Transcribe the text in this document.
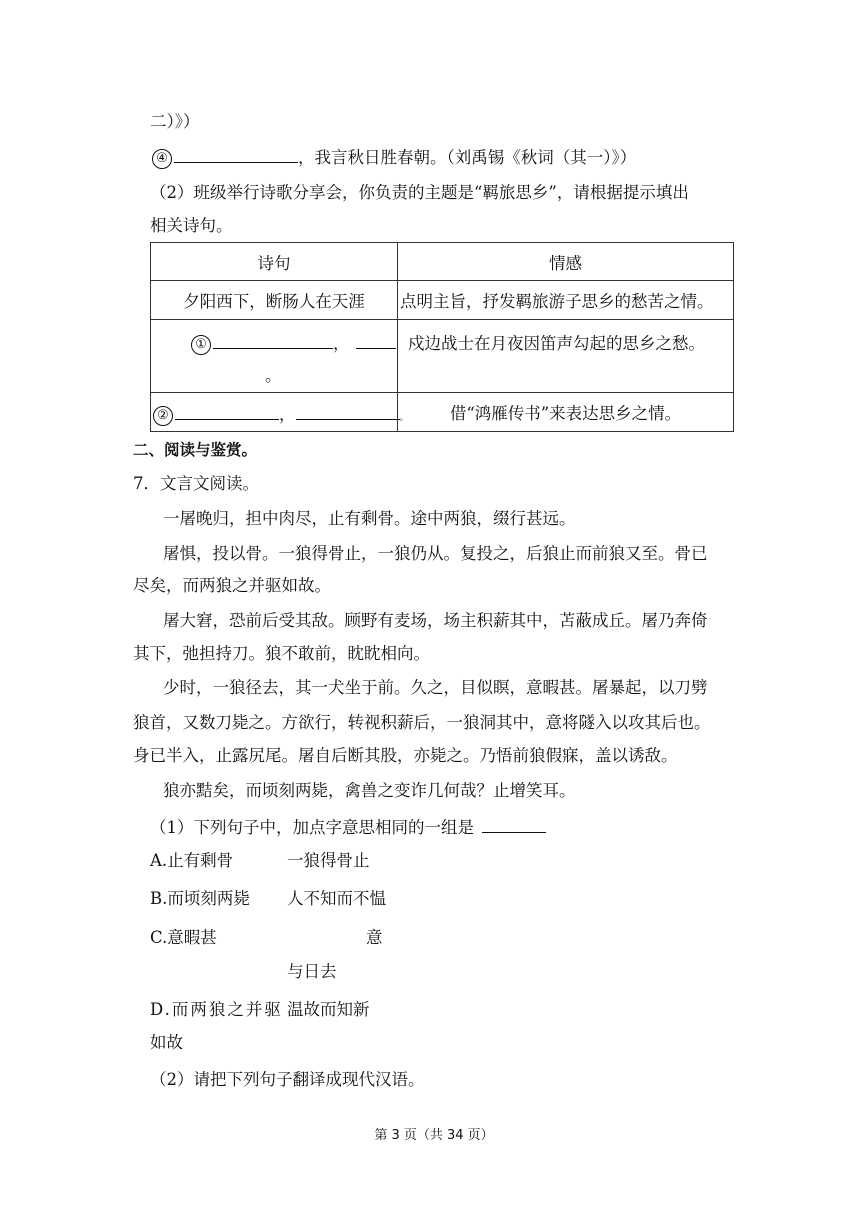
二）》）
④	，我言秋日胜春朝。（刘禹锡《秋词（其一）》）
（2）班级举行诗歌分享会，你负责的主题是“羁旅思乡”，请根据提示填出
相关诗句。
诗句	情感
夕阳西下，断肠人在天涯	点明主旨，抒发羁旅游子思乡的愁苦之情。

① ，
。	戍边战士在月夜因笛声勾起的思乡之愁。

② ， 。	借“鸿雁传书”来表达思乡之情。
二、阅读与鉴赏。
7．文言文阅读。
一屠晚归，担中肉尽，止有剩骨。途中两狼，缀行甚远。
屠惧，投以骨。一狼得骨止，一狼仍从。复投之，后狼止而前狼又至。骨已
尽矣，而两狼之并驱如故。
屠大窘，恐前后受其敌。顾野有麦场，场主积薪其中，苫蔽成丘。屠乃奔倚
其下，弛担持刀。狼不敢前，眈眈相向。
少时，一狼径去，其一犬坐于前。久之，目似瞑，意暇甚。屠暴起，以刀劈
狼首，又数刀毙之。方欲行，转视积薪后，一狼洞其中，意将隧入以攻其后也。
身已半入，止露尻尾。屠自后断其股，亦毙之。乃悟前狼假寐，盖以诱敌。
狼亦黠矣，而顷刻两毙，禽兽之变诈几何哉？止增笑耳。
（1）下列句子中，加点字意思相同的一组是
A.止有剩骨	一狼得骨止
B.而顷刻两毙 人不知而不愠
C.意暇甚	意
与日去
D.而两狼之并驱 温故而知新
如故
（2）请把下列句子翻译成现代汉语。
第 3 页（共 34 页）
